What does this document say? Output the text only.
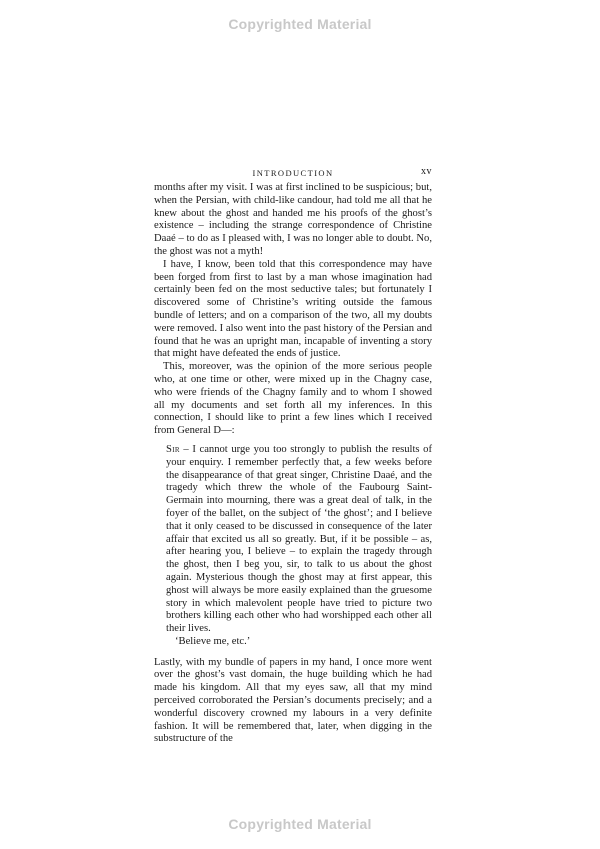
Copyrighted Material
INTRODUCTION	xv

months after my visit. I was at first inclined to be suspicious; but, when the Persian, with child-like candour, had told me all that he knew about the ghost and handed me his proofs of the ghost’s existence – including the strange correspondence of Christine Daaé – to do as I pleased with, I was no longer able to doubt. No, the ghost was not a myth!

I have, I know, been told that this correspondence may have been forged from first to last by a man whose imagination had certainly been fed on the most seductive tales; but fortunately I discovered some of Christine’s writing outside the famous bundle of letters; and on a comparison of the two, all my doubts were removed. I also went into the past history of the Persian and found that he was an upright man, incapable of inventing a story that might have defeated the ends of justice.

This, moreover, was the opinion of the more serious people who, at one time or other, were mixed up in the Chagny case, who were friends of the Chagny family and to whom I showed all my documents and set forth all my inferences. In this connection, I should like to print a few lines which I received from General D—:

Sir – I cannot urge you too strongly to publish the results of your enquiry. I remember perfectly that, a few weeks before the disappearance of that great singer, Christine Daaé, and the tragedy which threw the whole of the Faubourg Saint-Germain into mourning, there was a great deal of talk, in the foyer of the ballet, on the subject of ‘the ghost’; and I believe that it only ceased to be discussed in consequence of the later affair that excited us all so greatly. But, if it be possible – as, after hearing you, I believe – to explain the tragedy through the ghost, then I beg you, sir, to talk to us about the ghost again. Mysterious though the ghost may at first appear, this ghost will always be more easily explained than the gruesome story in which malevolent people have tried to picture two brothers killing each other who had worshipped each other all their lives.

‘Believe me, etc.’

Lastly, with my bundle of papers in my hand, I once more went over the ghost’s vast domain, the huge building which he had made his kingdom. All that my eyes saw, all that my mind perceived corroborated the Persian’s documents precisely; and a wonderful discovery crowned my labours in a very definite fashion. It will be remembered that, later, when digging in the substructure of the

Copyrighted Material
